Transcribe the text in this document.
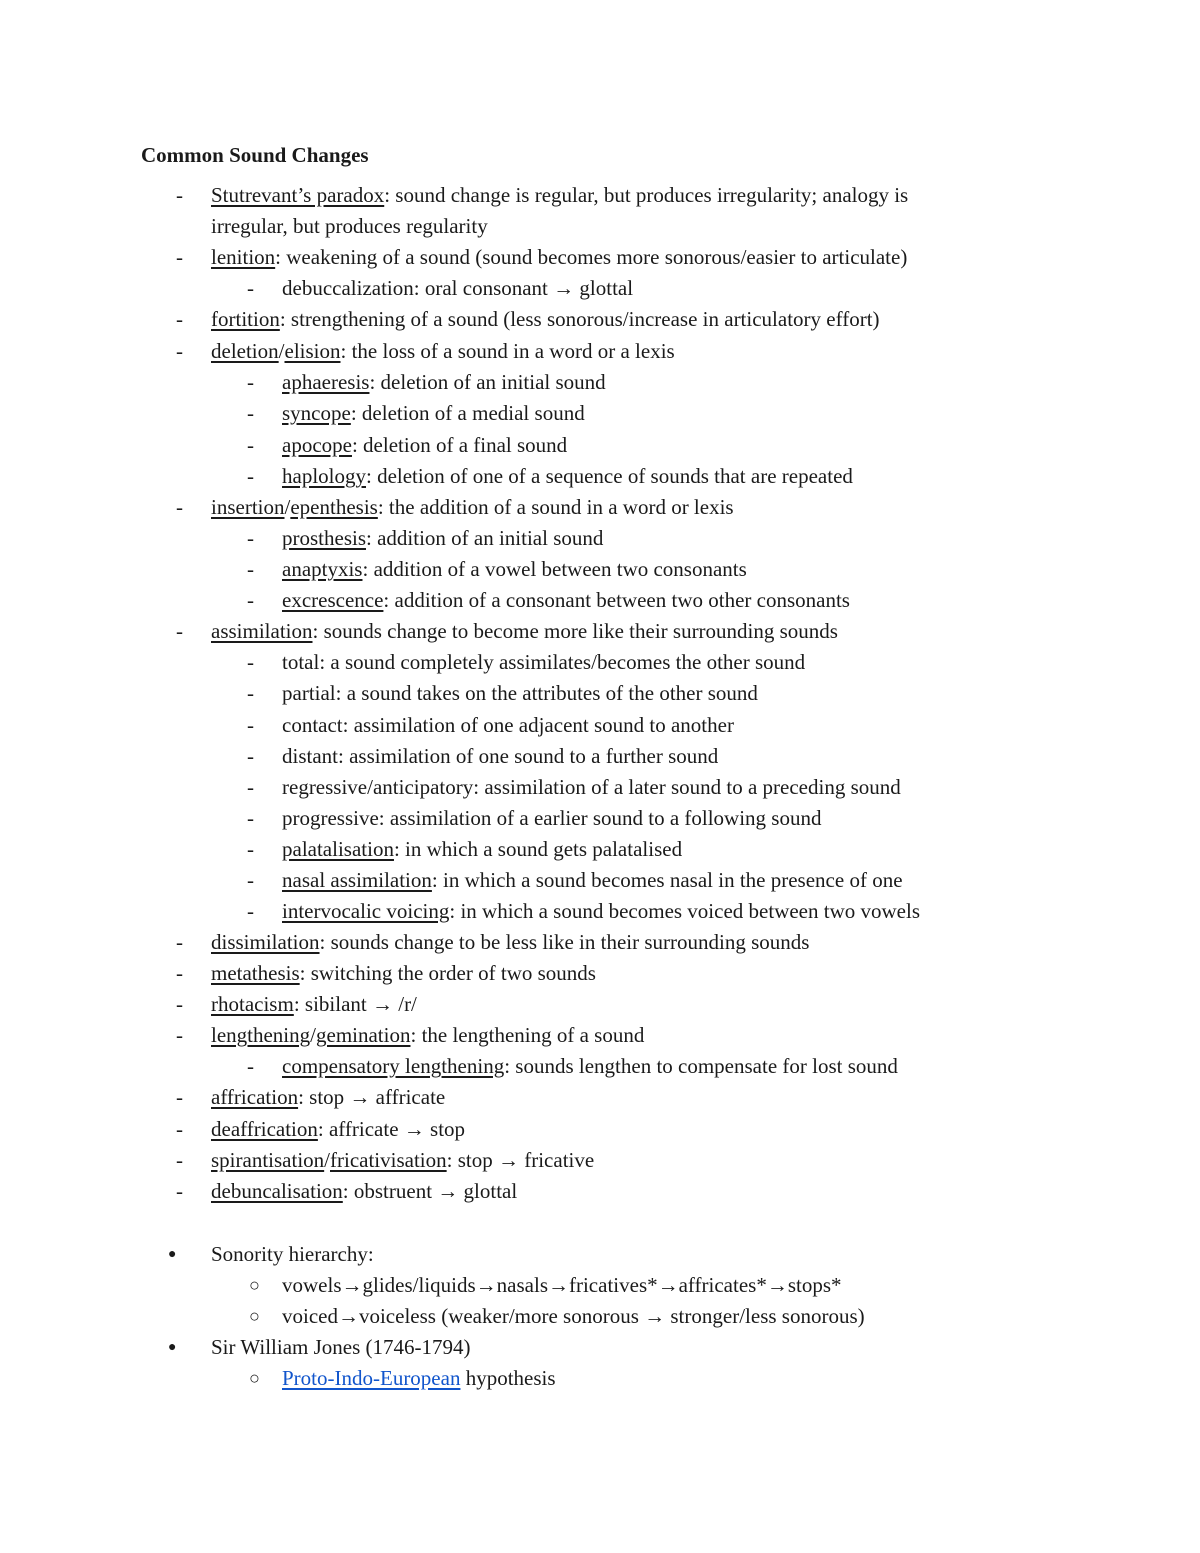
Common Sound Changes
-	Stutrevant’s paradox: sound change is regular, but produces irregularity; analogy is
irregular, but produces regularity
-	lenition: weakening of a sound (sound becomes more sonorous/easier to articulate)
-	debuccalization: oral consonant → glottal
-	fortition: strengthening of a sound (less sonorous/increase in articulatory effort)
-	deletion/elision: the loss of a sound in a word or a lexis
-	aphaeresis: deletion of an initial sound
-	syncope: deletion of a medial sound
-	apocope: deletion of a final sound
-	haplology: deletion of one of a sequence of sounds that are repeated
-	insertion/epenthesis: the addition of a sound in a word or lexis
-	prosthesis: addition of an initial sound
-	anaptyxis: addition of a vowel between two consonants
-	excrescence: addition of a consonant between two other consonants
-	assimilation: sounds change to become more like their surrounding sounds
-	total: a sound completely assimilates/becomes the other sound
-	partial: a sound takes on the attributes of the other sound
-	contact: assimilation of one adjacent sound to another
-	distant: assimilation of one sound to a further sound
-	regressive/anticipatory: assimilation of a later sound to a preceding sound
-	progressive: assimilation of a earlier sound to a following sound
-	palatalisation: in which a sound gets palatalised
-	nasal assimilation: in which a sound becomes nasal in the presence of one
-	intervocalic voicing: in which a sound becomes voiced between two vowels
-	dissimilation: sounds change to be less like in their surrounding sounds
-	metathesis: switching the order of two sounds
-	rhotacism: sibilant → /r/
-	lengthening/gemination: the lengthening of a sound
-	compensatory lengthening: sounds lengthen to compensate for lost sound
-	affrication: stop → affricate
-	deaffrication: affricate → stop
-	spirantisation/fricativisation: stop → fricative
-	debuncalisation: obstruent → glottal
●	Sonority hierarchy:
○	vowels→glides/liquids→nasals→fricatives*→affricates*→stops*
○	voiced→voiceless (weaker/more sonorous → stronger/less sonorous)
●	Sir William Jones (1746-1794)
○	Proto-Indo-European hypothesis
